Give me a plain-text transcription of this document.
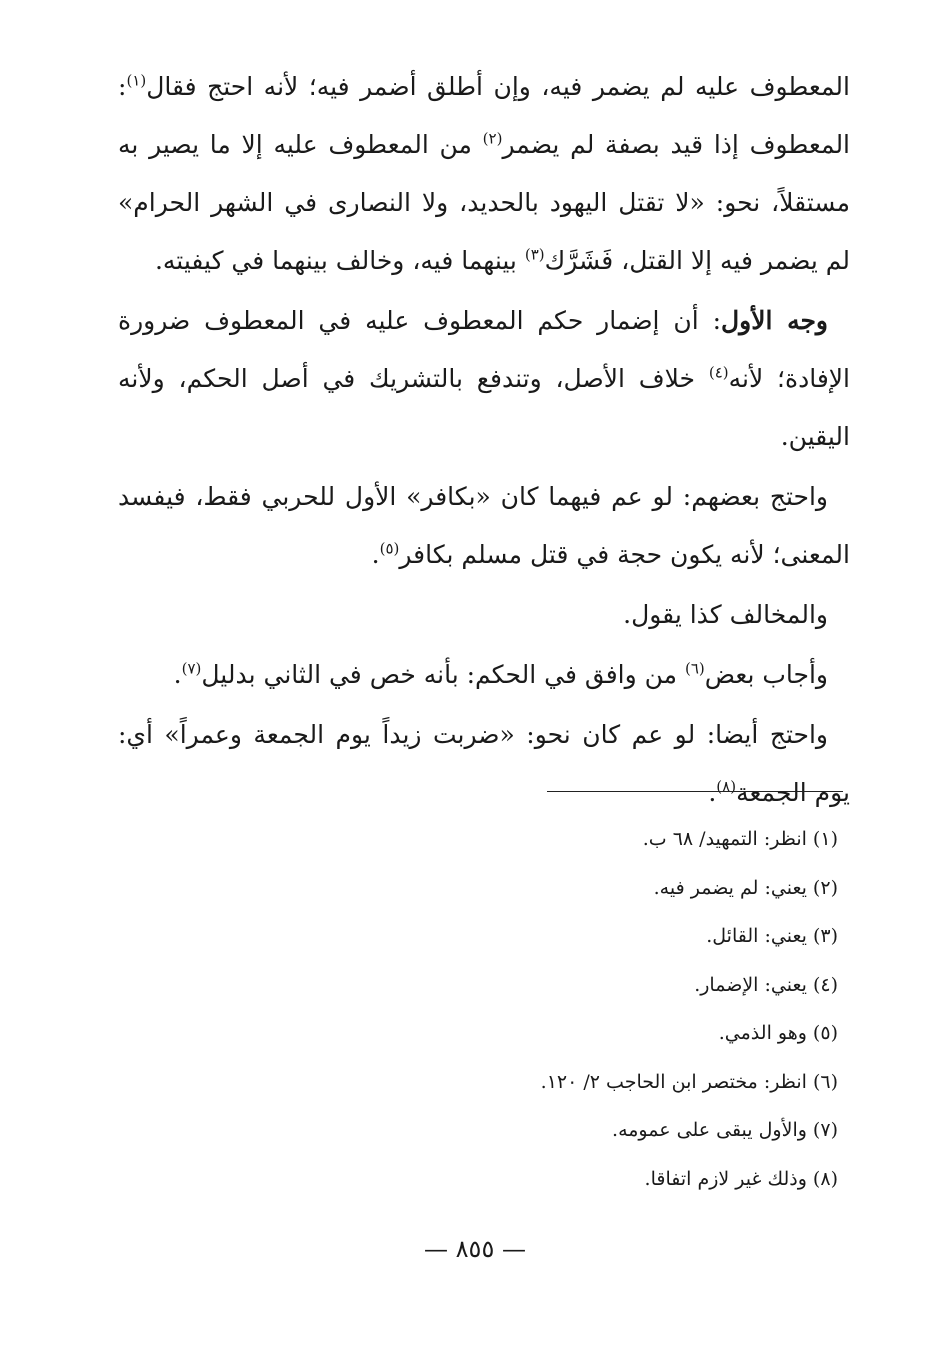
المعطوف عليه لم يضمر فيه، وإن أطلق أضمر فيه؛ لأنه احتج فقال$^{(١)}$: المعطوف إذا قيد بصفة لم يضمر$^{(٢)}$ من المعطوف عليه إلا ما يصير به مستقلاً، نحو: «لا تقتل اليهود بالحديد، ولا النصارى في الشهر الحرام» لم يضمر فيه إلا القتل، فَشَرَّك$^{(٣)}$ بينهما فيه، وخالف بينهما في كيفيته.

وجه الأول: أن إضمار حكم المعطوف عليه في المعطوف ضرورة الإفادة؛ لأنه$^{(٤)}$ خلاف الأصل، وتندفع بالتشريك في أصل الحكم، ولأنه اليقين.

واحتج بعضهم: لو عم فيهما كان «بكافر» الأول للحربي فقط، فيفسد المعنى؛ لأنه يكون حجة في قتل مسلم بكافر$^{(٥)}$.

والمخالف كذا يقول.

وأجاب بعض$^{(٦)}$ من وافق في الحكم: بأنه خص في الثاني بدليل$^{(٧)}$.

واحتج أيضا: لو عم كان نحو: «ضربت زيداً يوم الجمعة وعمراً» أي: يوم الجمعة$^{(٨)}$.

(١) انظر: التمهيد/ ٦٨ ب.
(٢) يعني: لم يضمر فيه.
(٣) يعني: القائل.
(٤) يعني: الإضمار.
(٥) وهو الذمي.
(٦) انظر: مختصر ابن الحاجب ٢/ ١٢٠.
(٧) والأول يبقى على عمومه.
(٨) وذلك غير لازم اتفاقا.
— ٨٥٥ —
